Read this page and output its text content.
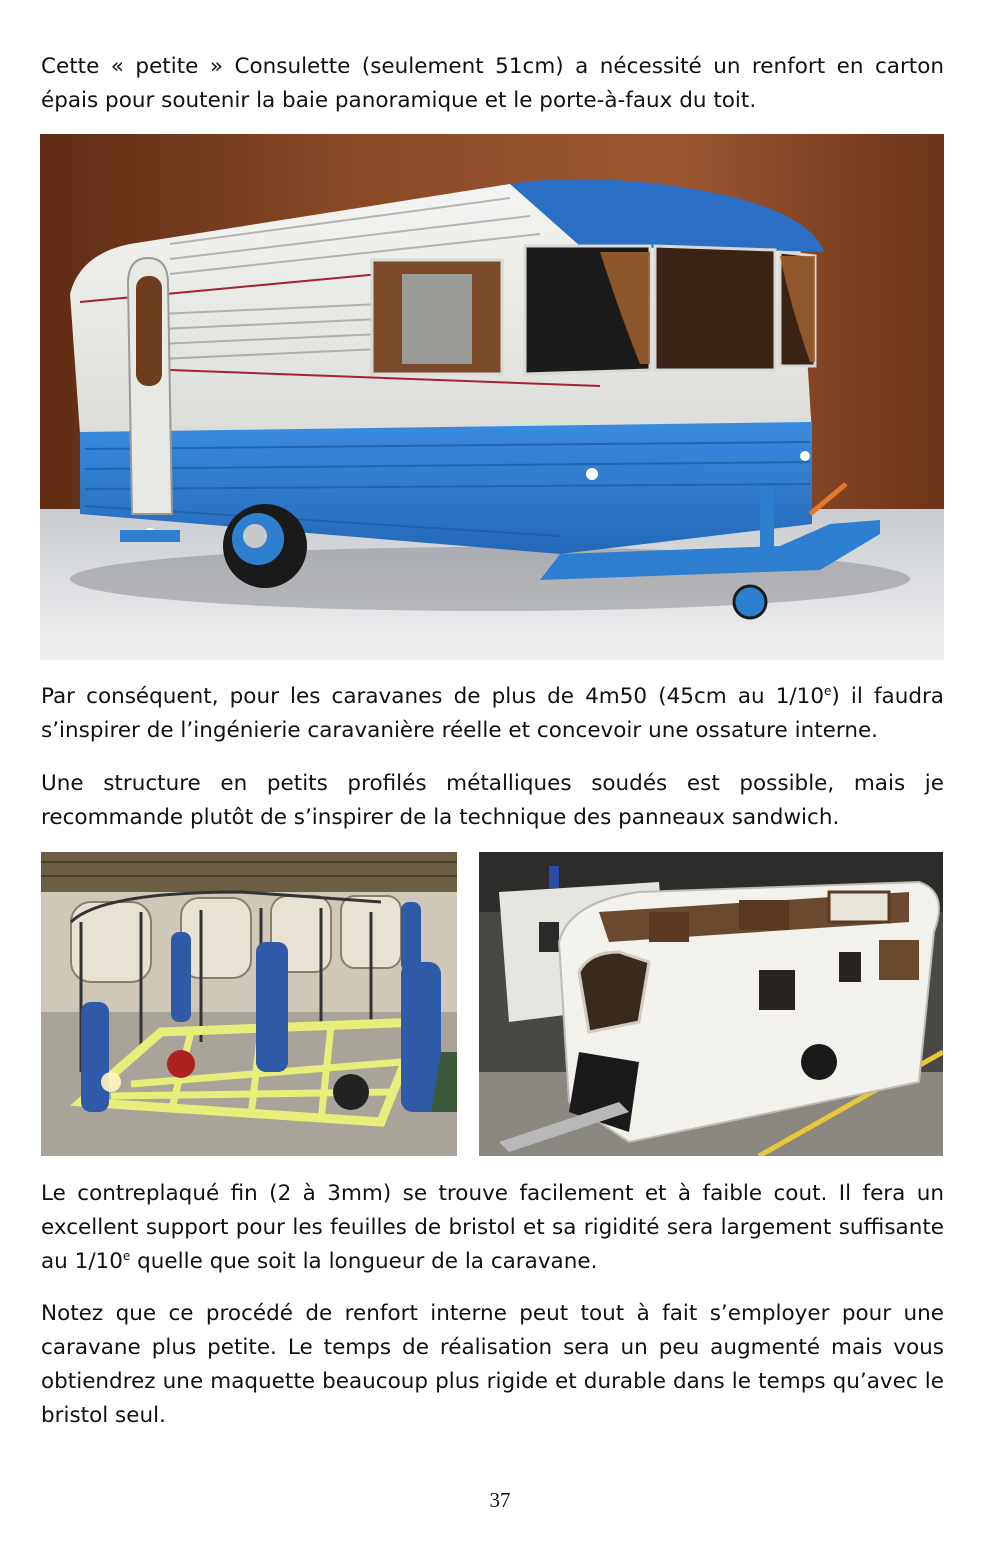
Cette « petite » Consulette (seulement 51cm) a nécessité un renfort en carton épais pour soutenir la baie panoramique et le porte-à-faux du toit.

Par conséquent, pour les caravanes de plus de 4m50 (45cm au 1/10e) il faudra s’inspirer de l’ingénierie caravanière réelle et concevoir une ossature interne.

Une structure en petits profilés métalliques soudés est possible, mais je recommande plutôt de s’inspirer de la technique des panneaux sandwich.

Le contreplaqué fin (2 à 3mm) se trouve facilement et à faible cout. Il fera un excellent support pour les feuilles de bristol et sa rigidité sera largement suffisante au 1/10e quelle que soit la longueur de la caravane.

Notez que ce procédé de renfort interne peut tout à fait s’employer pour une caravane plus petite. Le temps de réalisation sera un peu augmenté mais vous obtiendrez une maquette beaucoup plus rigide et durable dans le temps qu’avec le bristol seul.

37
